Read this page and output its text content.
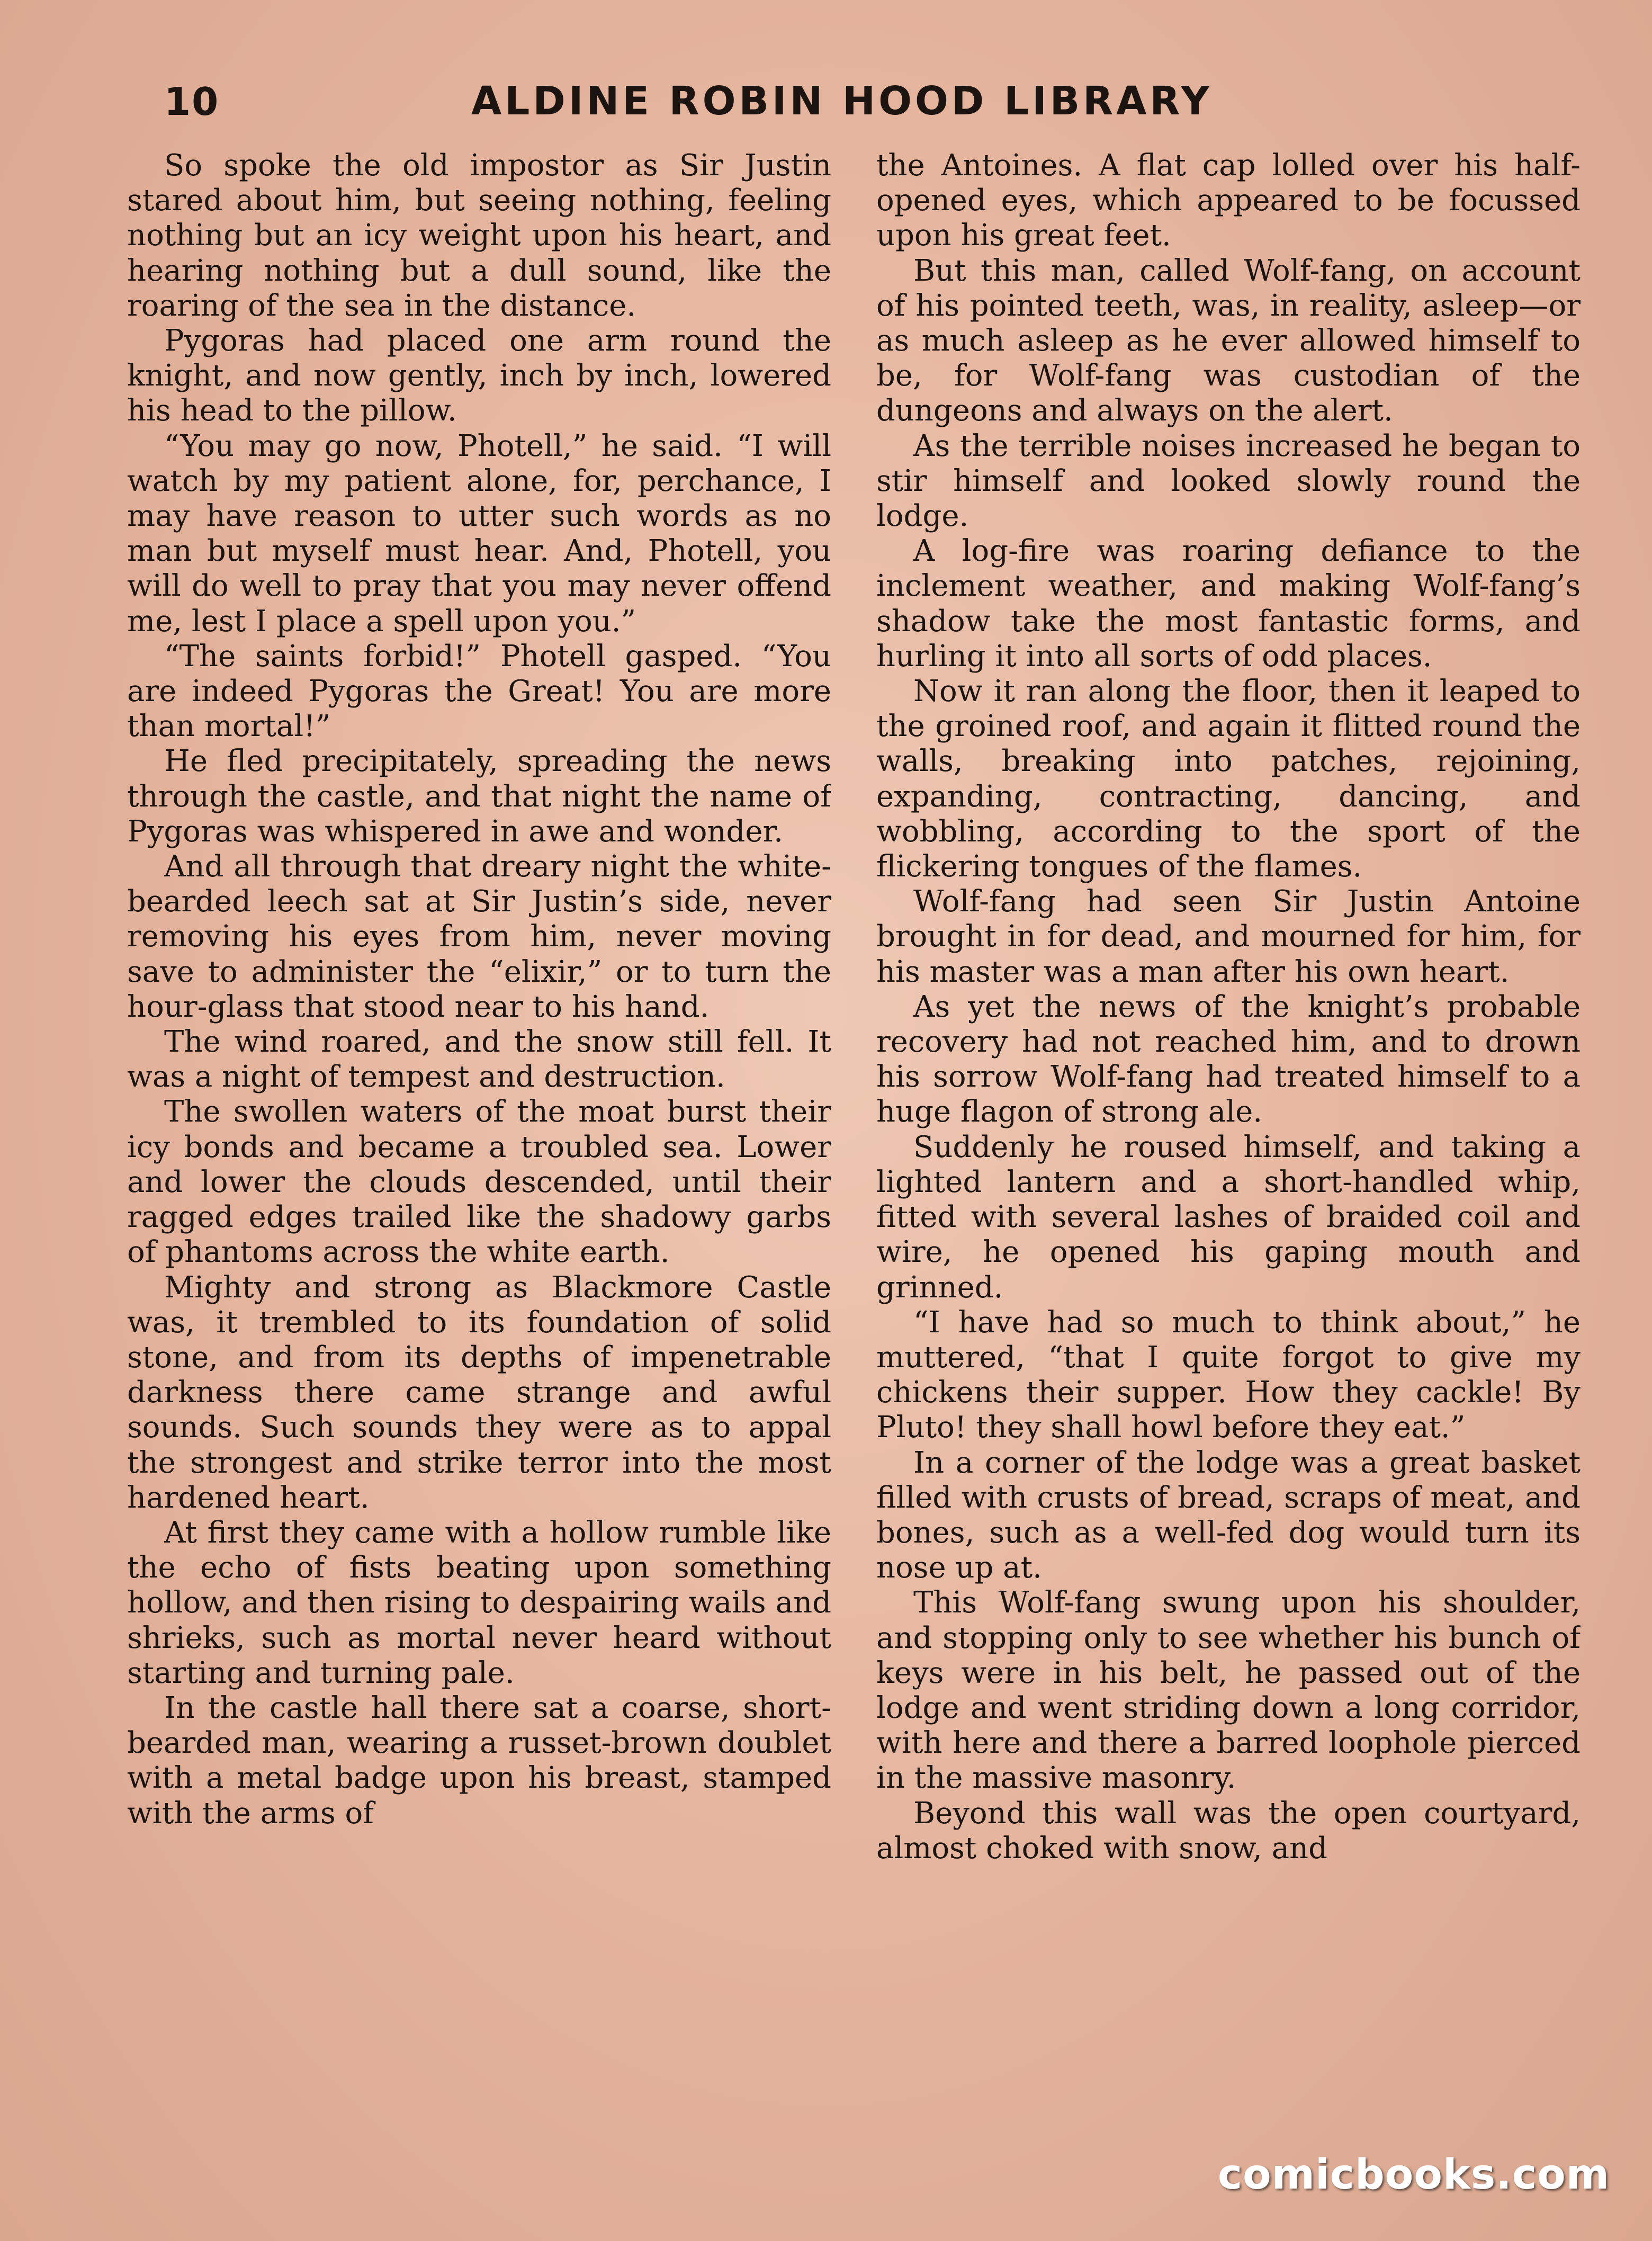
10	ALDINE ROBIN HOOD LIBRARY

So spoke the old impostor as Sir Justin stared about him, but seeing nothing, feeling nothing but an icy weight upon his heart, and hearing nothing but a dull sound, like the roaring of the sea in the distance.

Pygoras had placed one arm round the knight, and now gently, inch by inch, lowered his head to the pillow.

“You may go now, Photell,” he said. “I will watch by my patient alone, for, perchance, I may have reason to utter such words as no man but myself must hear. And, Photell, you will do well to pray that you may never offend me, lest I place a spell upon you.”

“The saints forbid!” Photell gasped. “You are indeed Pygoras the Great! You are more than mortal!”

He fled precipitately, spreading the news through the castle, and that night the name of Pygoras was whispered in awe and wonder.

And all through that dreary night the white-bearded leech sat at Sir Justin’s side, never removing his eyes from him, never moving save to administer the “elixir,” or to turn the hour-glass that stood near to his hand.

The wind roared, and the snow still fell. It was a night of tempest and destruction.

The swollen waters of the moat burst their icy bonds and became a troubled sea. Lower and lower the clouds descended, until their ragged edges trailed like the shadowy garbs of phantoms across the white earth.

Mighty and strong as Blackmore Castle was, it trembled to its foundation of solid stone, and from its depths of impenetrable darkness there came strange and awful sounds. Such sounds they were as to appal the strongest and strike terror into the most hardened heart.

At first they came with a hollow rumble like the echo of fists beating upon something hollow, and then rising to despairing wails and shrieks, such as mortal never heard without starting and turning pale.

In the castle hall there sat a coarse, short-bearded man, wearing a russet-brown doublet with a metal badge upon his breast, stamped with the arms of

the Antoines. A flat cap lolled over his half-opened eyes, which appeared to be focussed upon his great feet.

But this man, called Wolf-fang, on account of his pointed teeth, was, in reality, asleep—or as much asleep as he ever allowed himself to be, for Wolf-fang was custodian of the dungeons and always on the alert.

As the terrible noises increased he began to stir himself and looked slowly round the lodge.

A log-fire was roaring defiance to the inclement weather, and making Wolf-fang’s shadow take the most fantastic forms, and hurling it into all sorts of odd places.

Now it ran along the floor, then it leaped to the groined roof, and again it flitted round the walls, breaking into patches, rejoining, expanding, contracting, dancing, and wobbling, according to the sport of the flickering tongues of the flames.

Wolf-fang had seen Sir Justin Antoine brought in for dead, and mourned for him, for his master was a man after his own heart.

As yet the news of the knight’s probable recovery had not reached him, and to drown his sorrow Wolf-fang had treated himself to a huge flagon of strong ale.

Suddenly he roused himself, and taking a lighted lantern and a short-handled whip, fitted with several lashes of braided coil and wire, he opened his gaping mouth and grinned.

“I have had so much to think about,” he muttered, “that I quite forgot to give my chickens their supper. How they cackle! By Pluto! they shall howl before they eat.”

In a corner of the lodge was a great basket filled with crusts of bread, scraps of meat, and bones, such as a well-fed dog would turn its nose up at.

This Wolf-fang swung upon his shoulder, and stopping only to see whether his bunch of keys were in his belt, he passed out of the lodge and went striding down a long corridor, with here and there a barred loophole pierced in the massive masonry.

Beyond this wall was the open courtyard, almost choked with snow, and

comicbooks.com
